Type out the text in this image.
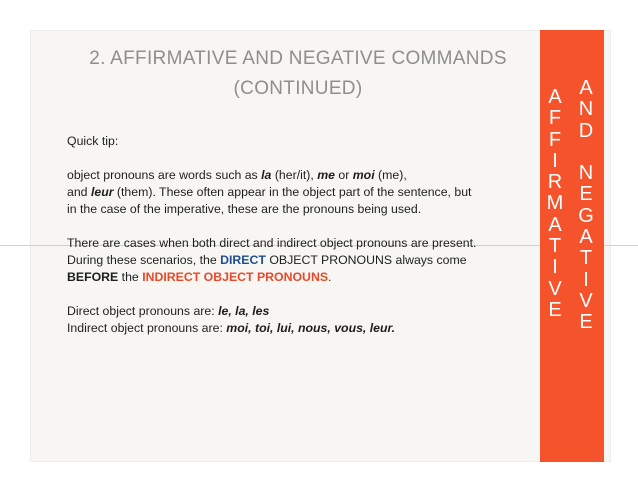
2. AFFIRMATIVE AND NEGATIVE COMMANDS
(CONTINUED)

Quick tip:

object pronouns are words such as la (her/it), me or moi (me),

and leur (them). These often appear in the object part of the sentence, but

in the case of the imperative, these are the pronouns being used.

There are cases when both direct and indirect object pronouns are present.

During these scenarios, the DIRECT OBJECT PRONOUNS always come

BEFORE the INDIRECT OBJECT PRONOUNS.

Direct object pronouns are: le, la, les

Indirect object pronouns are: moi, toi, lui, nous, vous, leur.

A
F
F
I
R
M
A
T
I
V
E
A
N
D
N
E
G
A
T
I
V
E
